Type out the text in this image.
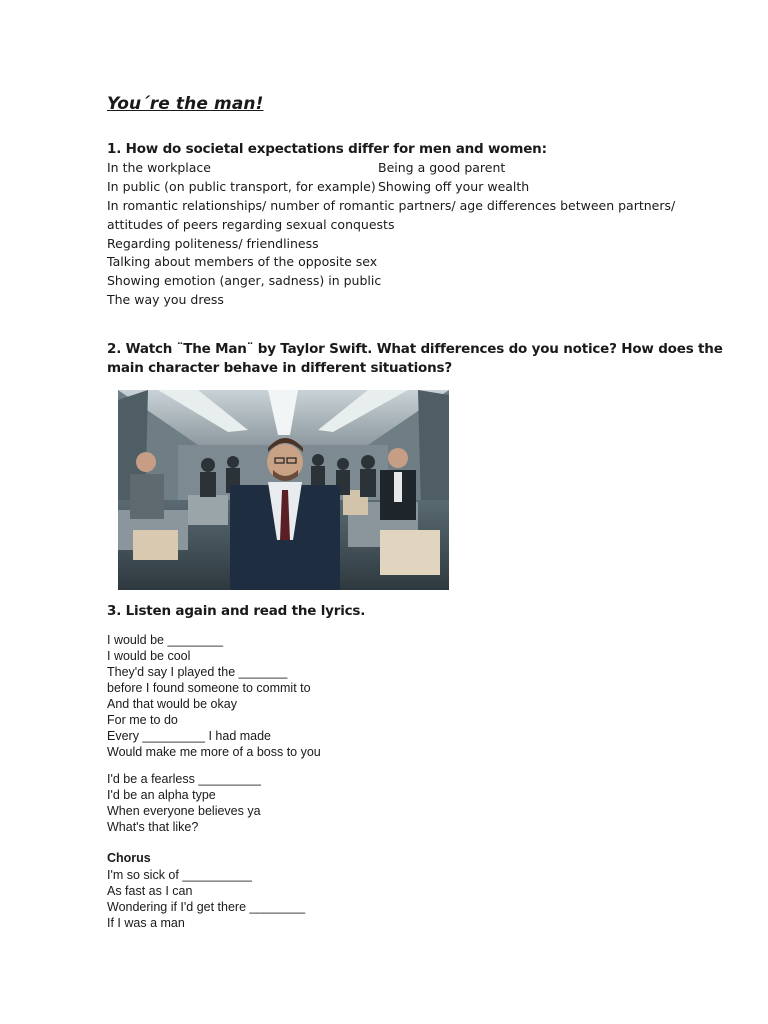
You´re the man!
1. How do societal expectations differ for men and women:
In the workplace	Being a good parent
In public (on public transport, for example) Showing off your wealth
In romantic relationships/ number of romantic partners/ age differences between partners/
attitudes of peers regarding sexual conquests
Regarding politeness/ friendliness
Talking about members of the opposite sex
Showing emotion (anger, sadness) in public
The way you dress
2. Watch ¨The Man¨ by Taylor Swift. What differences do you notice? How does the
main character behave in different situations?
3. Listen again and read the lyrics.
I would be ________
I would be cool
They'd say I played the _______
before I found someone to commit to
And that would be okay
For me to do
Every _________ I had made
Would make me more of a boss to you
I'd be a fearless _________
I'd be an alpha type
When everyone believes ya
What's that like?
Chorus
I'm so sick of __________
As fast as I can
Wondering if I'd get there ________
If I was a man
